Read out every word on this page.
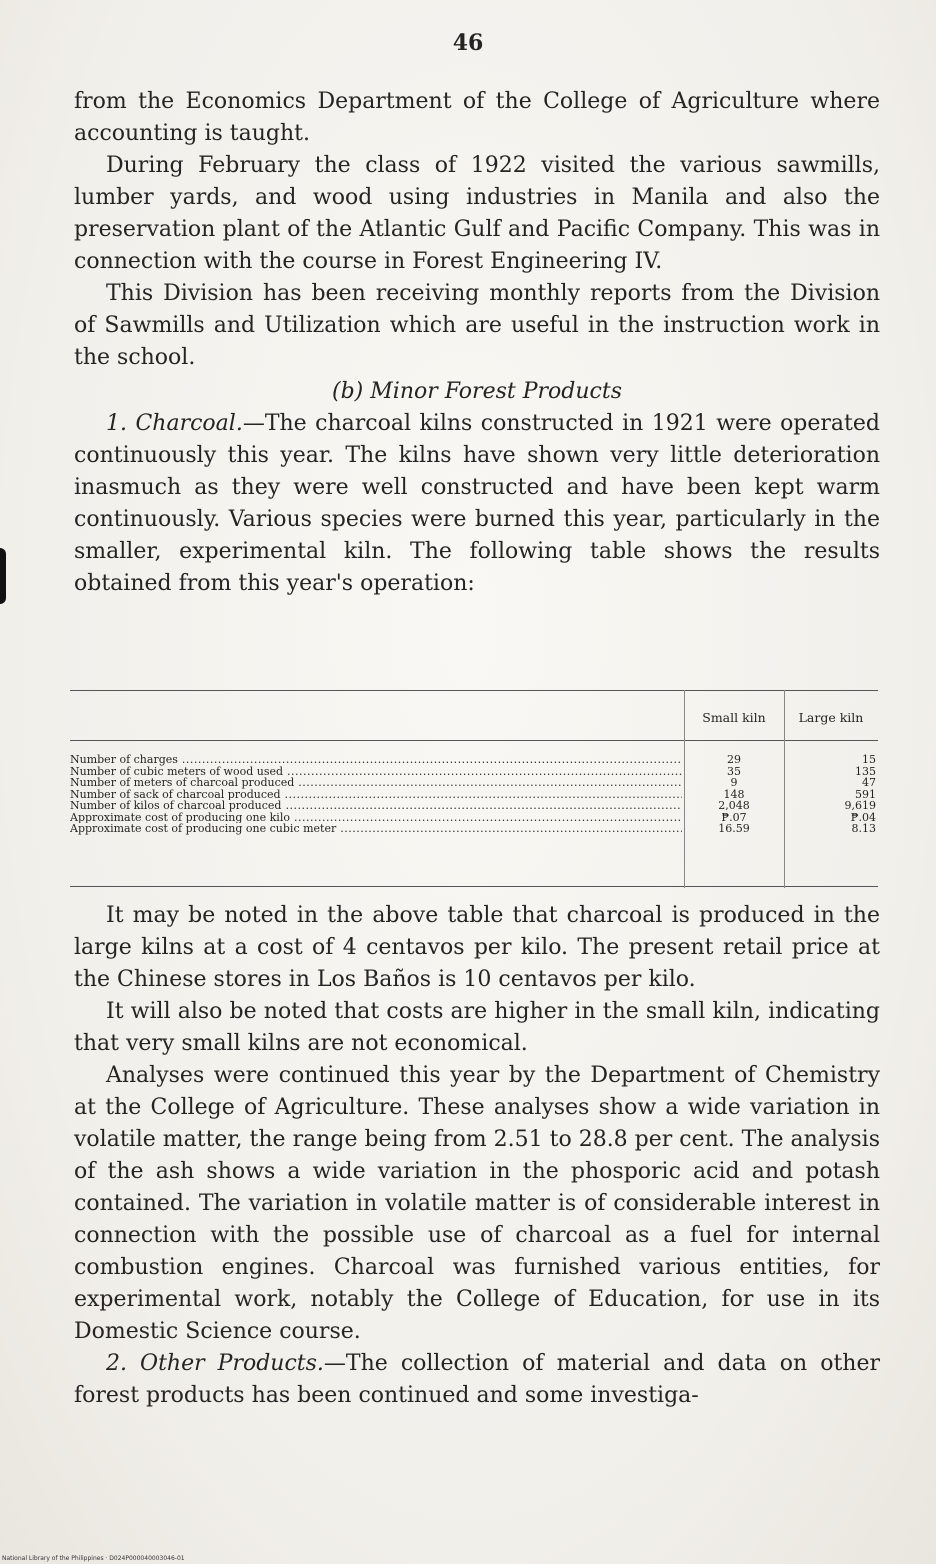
46

from the Economics Department of the College of Agriculture where accounting is taught.

During February the class of 1922 visited the various sawmills, lumber yards, and wood using industries in Manila and also the preservation plant of the Atlantic Gulf and Pacific Company. This was in connection with the course in Forest Engineering IV.

This Division has been receiving monthly reports from the Division of Sawmills and Utilization which are useful in the instruction work in the school.

(b) Minor Forest Products

1. Charcoal.—The charcoal kilns constructed in 1921 were operated continuously this year. The kilns have shown very little deterioration inasmuch as they were well constructed and have been kept warm continuously. Various species were burned this year, particularly in the smaller, experimental kiln. The following table shows the results obtained from this year's operation:

Small kiln	Large kiln
Number of charges .....	29	15
Number of cubic meters of wood used .....	35	135
Number of meters of charcoal produced .....	9	47
Number of sack of charcoal produced .....	148	591
Number of kilos of charcoal produced .....	2,048	9,619
Approximate cost of producing one kilo .....	₱.07	₱.04
Approximate cost of producing one cubic meter .....	16.59	8.13

It may be noted in the above table that charcoal is produced in the large kilns at a cost of 4 centavos per kilo. The present retail price at the Chinese stores in Los Baños is 10 centavos per kilo.

It will also be noted that costs are higher in the small kiln, indicating that very small kilns are not economical.

Analyses were continued this year by the Department of Chemistry at the College of Agriculture. These analyses show a wide variation in volatile matter, the range being from 2.51 to 28.8 per cent. The analysis of the ash shows a wide variation in the phosporic acid and potash contained. The variation in volatile matter is of considerable interest in connection with the possible use of charcoal as a fuel for internal combustion engines. Charcoal was furnished various entities, for experimental work, notably the College of Education, for use in its Domestic Science course.

2. Other Products.—The collection of material and data on other forest products has been continued and some investiga-

National Library of the Philippines · D024P000040003046-01
